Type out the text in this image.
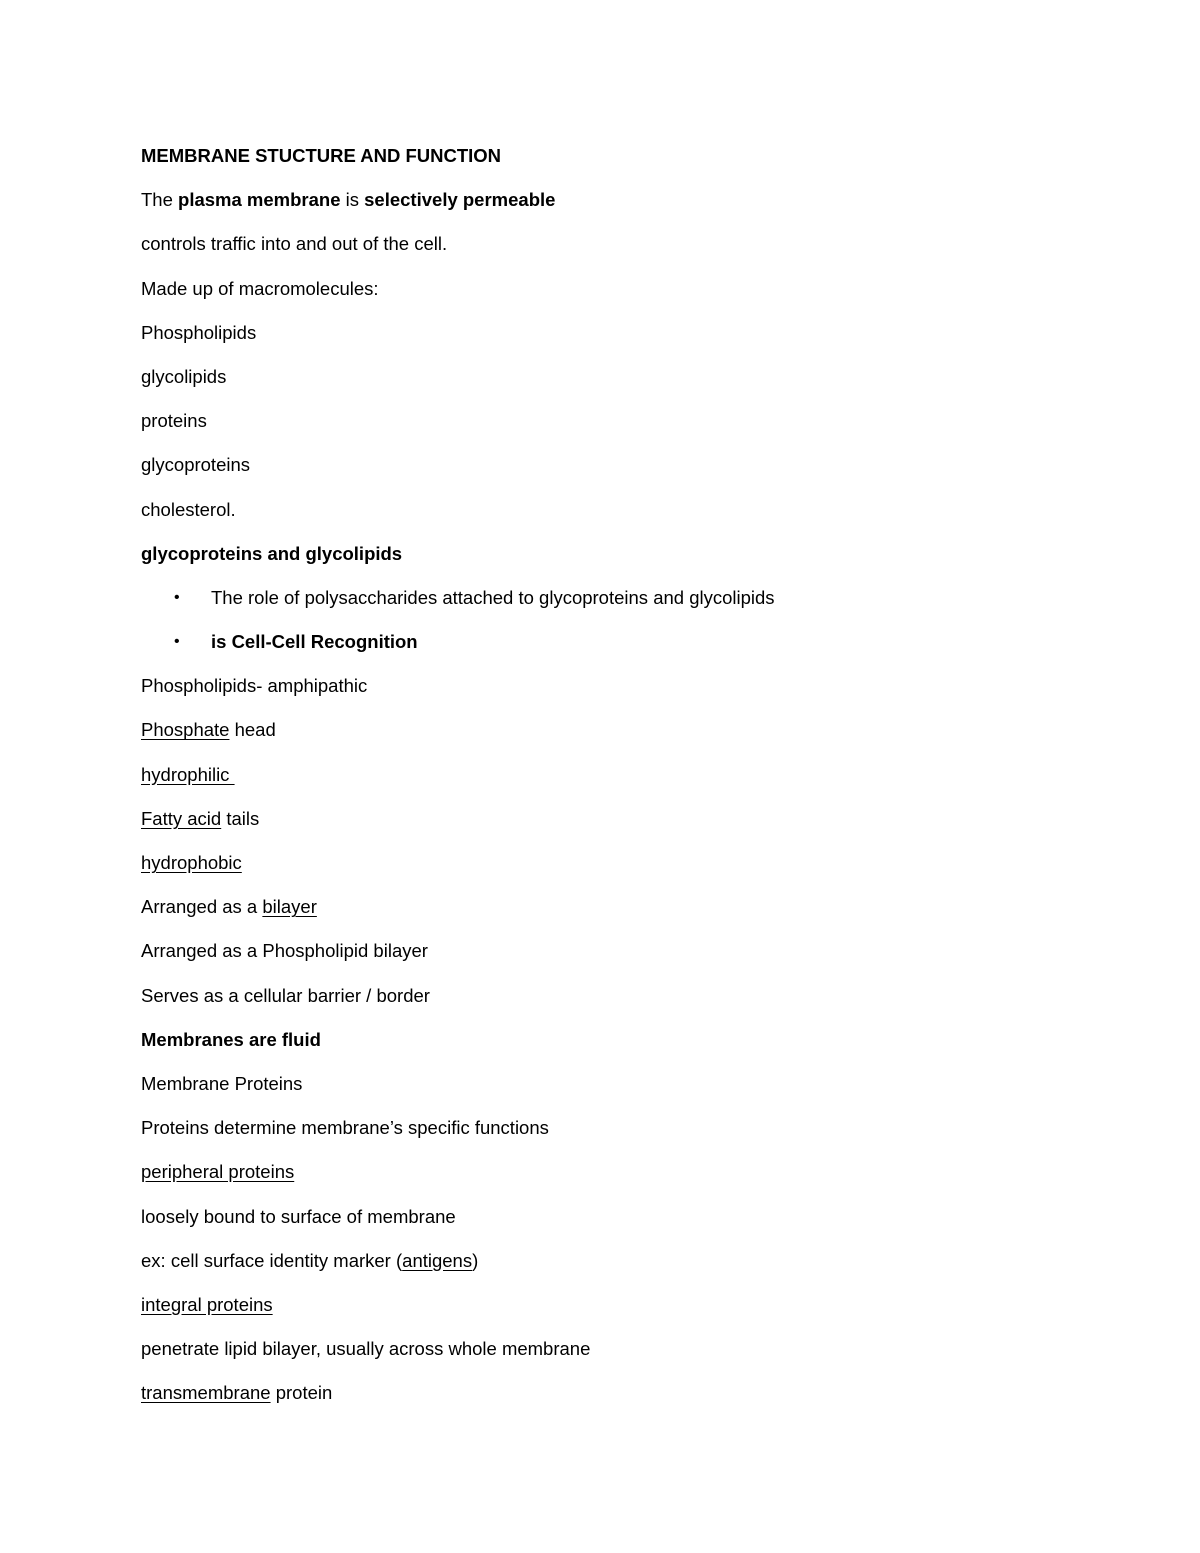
MEMBRANE STUCTURE AND FUNCTION
The plasma membrane is selectively permeable
controls traffic into and out of the cell.
Made up of macromolecules:
Phospholipids
glycolipids
proteins
glycoproteins
cholesterol.
glycoproteins and glycolipids
• The role of polysaccharides attached to glycoproteins and glycolipids
• is Cell-Cell Recognition
Phospholipids- amphipathic
Phosphate head
hydrophilic
Fatty acid tails
hydrophobic
Arranged as a bilayer
Arranged as a Phospholipid bilayer
Serves as a cellular barrier / border
Membranes are fluid
Membrane Proteins
Proteins determine membrane’s specific functions
peripheral proteins
loosely bound to surface of membrane
ex: cell surface identity marker (antigens)
integral proteins
penetrate lipid bilayer, usually across whole membrane
transmembrane protein
